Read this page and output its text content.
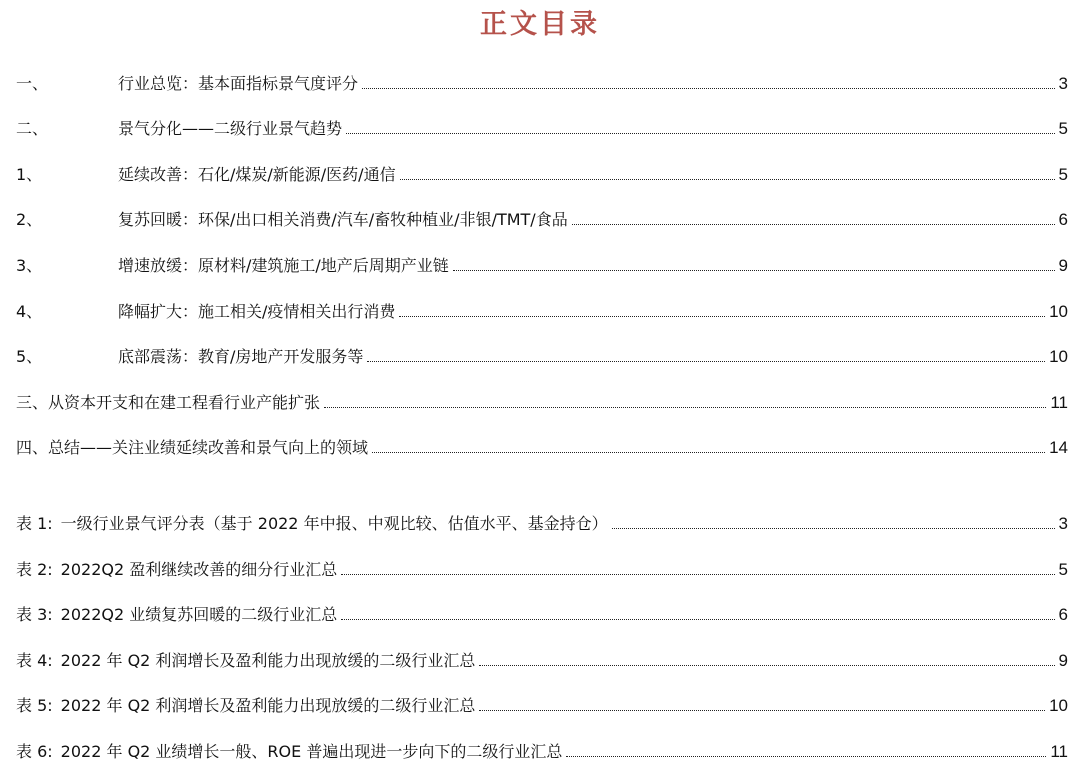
正文目录
一、	行业总览：基本面指标景气度评分	3
二、	景气分化——二级行业景气趋势	5
1、	延续改善：石化/煤炭/新能源/医药/通信	5
2、	复苏回暖：环保/出口相关消费/汽车/畜牧种植业/非银/TMT/食品	6
3、	增速放缓：原材料/建筑施工/地产后周期产业链	9
4、	降幅扩大：施工相关/疫情相关出行消费	10
5、	底部震荡：教育/房地产开发服务等	10
三、从资本开支和在建工程看行业产能扩张	11
四、总结——关注业绩延续改善和景气向上的领域	14
表 1: 一级行业景气评分表（基于 2022 年中报、中观比较、估值水平、基金持仓）	3
表 2: 2022Q2 盈利继续改善的细分行业汇总	5
表 3: 2022Q2 业绩复苏回暖的二级行业汇总	6
表 4: 2022 年 Q2 利润增长及盈利能力出现放缓的二级行业汇总	9
表 5: 2022 年 Q2 利润增长及盈利能力出现放缓的二级行业汇总	10
表 6: 2022 年 Q2 业绩增长一般、ROE 普遍出现进一步向下的二级行业汇总	11
